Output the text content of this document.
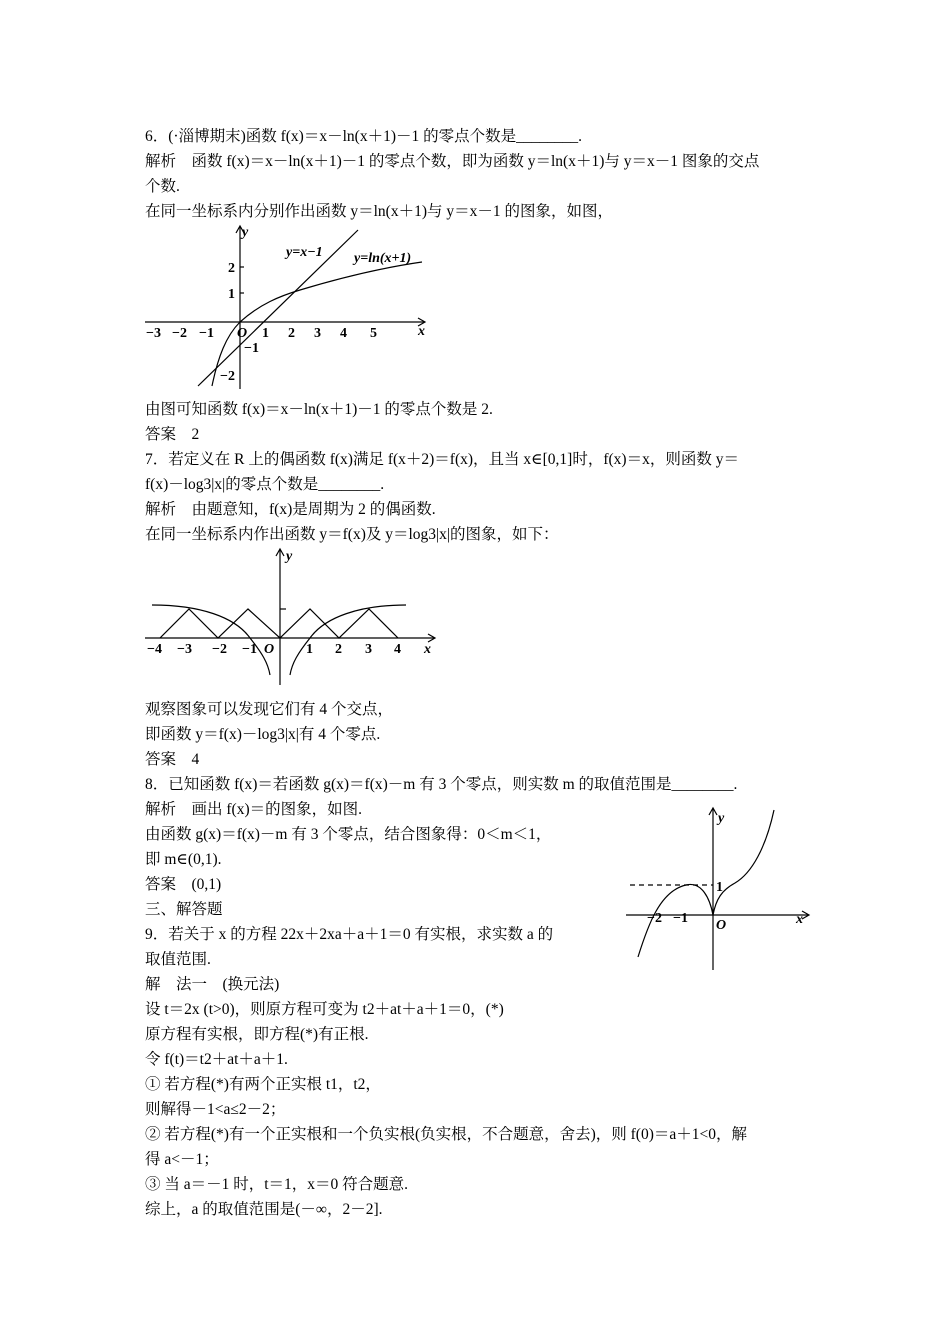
6．(·淄博期末)函数 f(x)＝x－ln(x＋1)－1 的零点个数是________.
解析　函数 f(x)＝x－ln(x＋1)－1 的零点个数，即为函数 y＝ln(x＋1)与 y＝x－1 图象的交点
个数.
在同一坐标系内分别作出函数 y＝ln(x＋1)与 y＝x－1 的图象，如图，
由图可知函数 f(x)＝x－ln(x＋1)－1 的零点个数是 2.
答案　2
7．若定义在 R 上的偶函数 f(x)满足 f(x＋2)＝f(x)，且当 x∈[0,1]时，f(x)＝x，则函数 y＝
f(x)－log3|x|的零点个数是________.
解析　由题意知，f(x)是周期为 2 的偶函数.
在同一坐标系内作出函数 y＝f(x)及 y＝log3|x|的图象，如下：
观察图象可以发现它们有 4 个交点，
即函数 y＝f(x)－log3|x|有 4 个零点.
答案　4
8．已知函数 f(x)＝若函数 g(x)＝f(x)－m 有 3 个零点，则实数 m 的取值范围是________.
解析　画出 f(x)＝的图象，如图.
由函数 g(x)＝f(x)－m 有 3 个零点，结合图象得：0＜m＜1，
即 m∈(0,1).
答案　(0,1)
三、解答题
9．若关于 x 的方程 22x＋2xa＋a＋1＝0 有实根，求实数 a 的
取值范围.
解　法一　(换元法)
设 t＝2x (t>0)，则原方程可变为 t2＋at＋a＋1＝0，(*)
原方程有实根，即方程(*)有正根.
令 f(t)＝t2＋at＋a＋1.
① 若方程(*)有两个正实根 t1，t2，
则解得－1<a≤2－2；
② 若方程(*)有一个正实根和一个负实根(负实根，不合题意，舍去)，则 f(0)＝a＋1<0，解
得 a<－1；
③ 当 a＝－1 时，t＝1，x＝0 符合题意.
综上，a 的取值范围是(－∞，2－2].
y
x
O
y=x−1 y=ln(x+1)
−3 −2 −1	1 2 3 4 5
2
1
−1
−2
y
x
O
−4 −3 −2 −1	1 2 3 4
y
x
O
−2 −1
1
